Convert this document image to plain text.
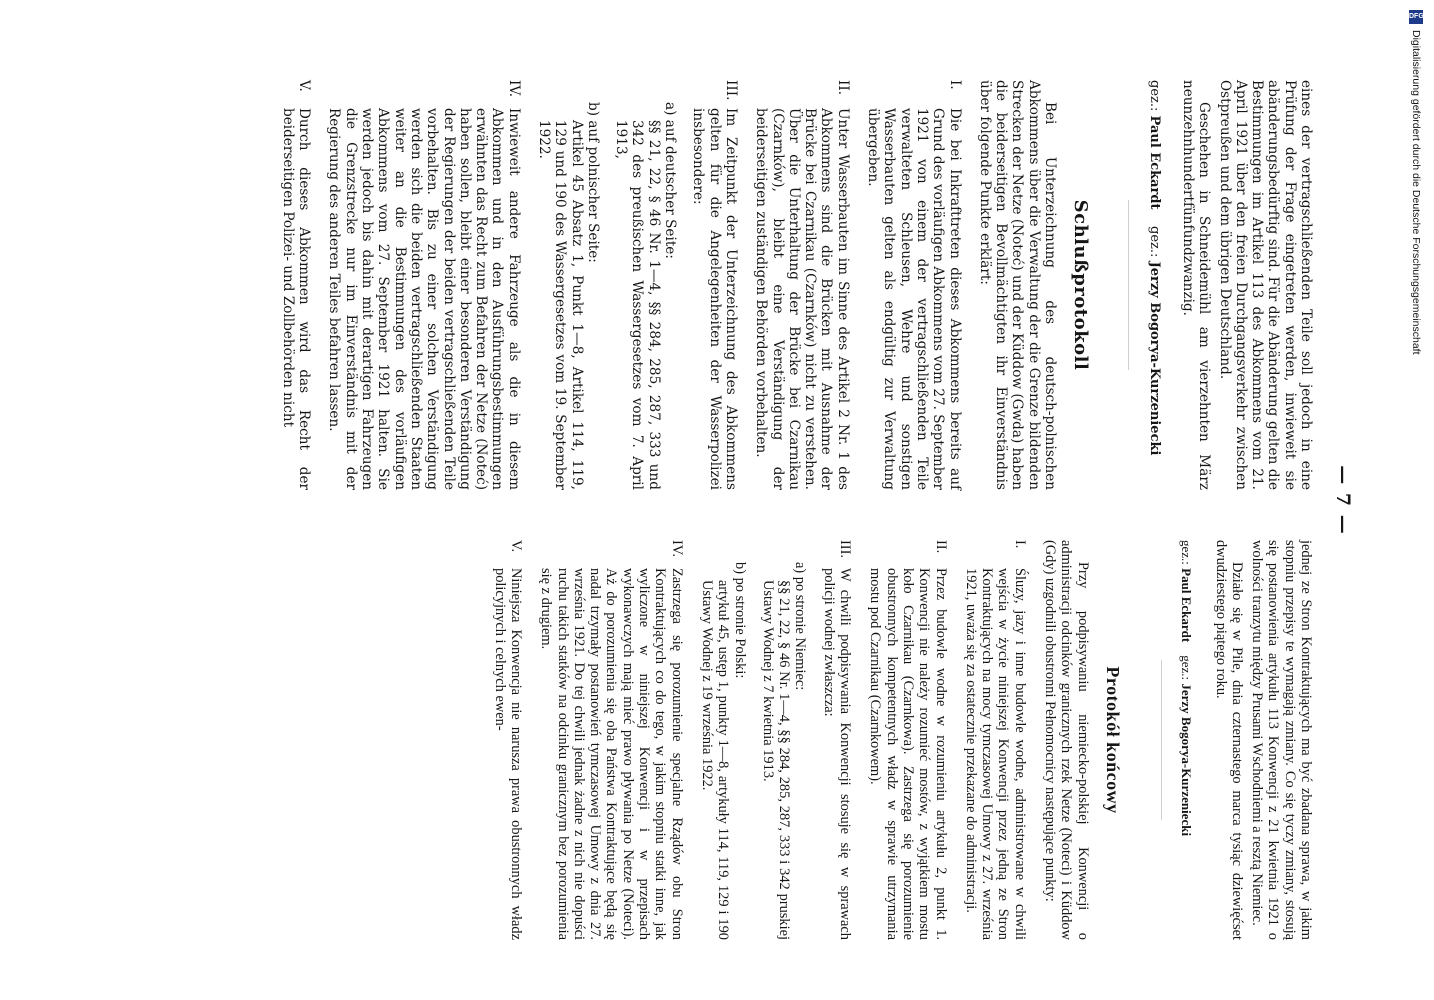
— 7 —

eines der vertragschließenden Teile soll jedoch in eine Prüfung der Frage eingetreten werden, inwieweit sie abänderungsbedürftig sind. Für die Abänderung gelten die Bestimmungen im Artikel 113 des Abkommens vom 21. April 1921 über den freien Durchgangsverkehr zwischen Ostpreußen und dem übrigen Deutschland.

Geschehen in Schneidemühl am vierzehnten März neunzehnhundertfünfundzwanzig.

gez.: Paul Eckardt    gez.: Jerzy Bogorya-Kurzeniecki

Schlußprotokoll

Bei Unterzeichnung des deutsch-polnischen Abkommens über die Verwaltung der die Grenze bildenden Strecken der Netze (Noteć) und der Küddow (Gwda) haben die beiderseitigen Bevollmächtigten ihr Einverständnis über folgende Punkte erklärt:

I.
Die bei Inkrafttreten dieses Abkommens bereits auf Grund des vorläufigen Abkommens vom 27. September 1921 von einem der vertragschließenden Teile verwalteten Schleusen, Wehre und sonstigen Wasserbauten gelten als endgültig zur Verwaltung übergeben.
II.
Unter Wasserbauten im Sinne des Artikel 2 Nr. 1 des Abkommens sind die Brücken mit Ausnahme der Brücke bei Czarnikau (Czarnków) nicht zu verstehen. Über die Unterhaltung der Brücke bei Czarnikau (Czarnków), bleibt eine Verständigung der beiderseitigen zuständigen Behörden vorbehalten.
III.
Im Zeitpunkt der Unterzeichnung des Abkommens gelten für die Angelegenheiten der Wasserpolizei insbesondere:
a) auf deutscher Seite:
§§ 21, 22, § 46 Nr. 1—4, §§ 284, 285, 287, 333 und 342 des preußischen Wassergesetzes vom 7. April 1913,
b) auf polnischer Seite:
Artikel 45 Absatz 1, Punkt 1—8, Artikel 114, 119, 129 und 190 des Wassergesetzes vom 19. September 1922.
IV.
Inwieweit andere Fahrzeuge als die in diesem Abkommen und in den Ausführungsbestimmungen erwähnten das Recht zum Befahren der Netze (Noteć) haben sollen, bleibt einer besonderen Verständigung der Regierungen der beiden vertragschließenden Teile vorbehalten. Bis zu einer solchen Verständigung werden sich die beiden vertragschließenden Staaten weiter an die Bestimmungen des vorläufigen Abkommens vom 27. September 1921 halten. Sie werden jedoch bis dahin mit derartigen Fahrzeugen die Grenzstrecke nur im Einverständnis mit der Regierung des anderen Teiles befahren lassen.
V.
Durch dieses Abkommen wird das Recht der beiderseitigen Polizei- und Zollbehörden nicht

jednej ze Stron Kontraktujących ma być zbadana sprawa, w jakim stopniu przepisy te wymagają zmiany. Co się tyczy zmiany, stosują się postanowienia artykułu 113 Konwencji z 21 kwietnia 1921 o wolności tranzytu między Prusami Wschodniemi a resztą Niemiec.

Działo się w Pile, dnia czternastego marca tysiąc dziewięćset dwudziestego piątego roku.

gez.: Paul Eckardt    gez.: Jerzy Bogorya-Kurzeniecki

Protokół końcowy

Przy podpisywaniu niemiecko-polskiej Konwencji o administracji odcinków granicznych rzek Netze (Noteci) i Küddow (Gdy) uzgodnili obustronni Pełnomocnicy następujące punkty:

I.
Śluzy, jazy i inne budowle wodne, administrowane w chwili wejścia w życie niniejszej Konwencji przez jedną ze Stron Kontraktujących na mocy tymczasowej Umowy z 27. września 1921, uważa się za ostatecznie przekazane do administracji.
II.
Przez budowle wodne w rozumieniu artykułu 2, punkt 1. Konwencji nie należy rozumieć mostów, z wyjątkiem mostu koło Czarnikau (Czarnkowa). Zastrzega się porozumienie obustronnych kompetentnych władz w sprawie utrzymania mostu pod Czarnikau (Czarnkowem).
III.
W chwili podpisywania Konwencji stosuje się w sprawach policji wodnej zwłaszcza:
a) po stronie Niemiec:
§§ 21, 22, § 46 Nr. 1—4, §§ 284, 285, 287, 333 i 342 pruskiej Ustawy Wodnej z 7 kwietnia 1913.
b) po stronie Polski:
artykuł 45, ustęp 1, punkty 1—8, artykuły 114, 119, 129 i 190 Ustawy Wodnej z 19 września 1922.
IV.
Zastrzega się porozumienie specjalne Rządów obu Stron Kontraktujących co do tego, w jakim stopniu statki inne, jak wyliczone w niniejszej Konwencji i w przepisach wykonawczych mają mieć prawo pływania po Netze (Noteci). Aż do porozumienia się oba Państwa Kontraktujące będą się nadal trzymały postanowień tymczasowej Umowy z dnia 27. września 1921. Do tej chwili jednak żadne z nich nie dopuści ruchu takich statków na odcinku granicznym bez porozumienia się z drugiem.
V.
Niniejsza Konwencja nie narusza prawa obustronnych władz policyjnych i celnych ewen-
DFG
Digitalisierung gefördert durch die Deutsche Forschungsgemeinschaft
